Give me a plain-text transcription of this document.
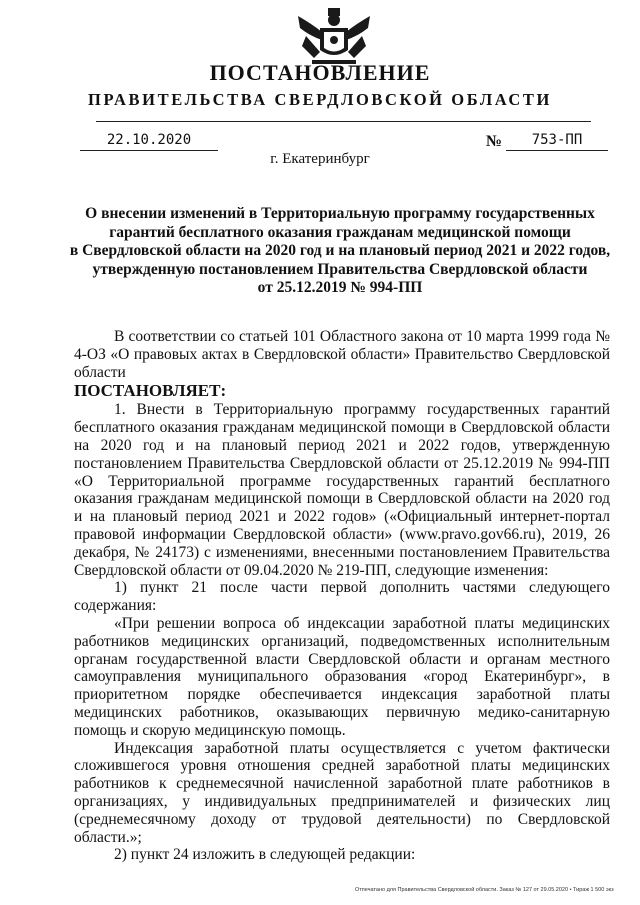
ПОСТАНОВЛЕНИЕ
ПРАВИТЕЛЬСТВА СВЕРДЛОВСКОЙ ОБЛАСТИ
22.10.2020	№	753-ПП
г. Екатеринбург
О внесении изменений в Территориальную программу государственных
гарантий бесплатного оказания гражданам медицинской помощи
в Свердловской области на 2020 год и на плановый период 2021 и 2022 годов,
утвержденную постановлением Правительства Свердловской области
от 25.12.2019 № 994-ПП

В соответствии со статьей 101 Областного закона от 10 марта 1999 года № 4-ОЗ «О правовых актах в Свердловской области» Правительство Свердловской области

ПОСТАНОВЛЯЕТ:

1. Внести в Территориальную программу государственных гарантий бесплатного оказания гражданам медицинской помощи в Свердловской области на 2020 год и на плановый период 2021 и 2022 годов, утвержденную постановлением Правительства Свердловской области от 25.12.2019 № 994-ПП «О Территориальной программе государственных гарантий бесплатного оказания гражданам медицинской помощи в Свердловской области на 2020 год и на плановый период 2021 и 2022 годов» («Официальный интернет-портал правовой информации Свердловской области» (www.pravo.gov66.ru), 2019, 26 декабря, № 24173) с изменениями, внесенными постановлением Правительства Свердловской области от 09.04.2020 № 219-ПП, следующие изменения:

1) пункт 21 после части первой дополнить частями следующего содержания:

«При решении вопроса об индексации заработной платы медицинских работников медицинских организаций, подведомственных исполнительным органам государственной власти Свердловской области и органам местного самоуправления муниципального образования «город Екатеринбург», в приоритетном порядке обеспечивается индексация заработной платы медицинских работников, оказывающих первичную медико-санитарную помощь и скорую медицинскую помощь.

Индексация заработной платы осуществляется с учетом фактически сложившегося уровня отношения средней заработной платы медицинских работников к среднемесячной начисленной заработной плате работников в организациях, у индивидуальных предпринимателей и физических лиц (среднемесячному доходу от трудовой деятельности) по Свердловской области.»;

2) пункт 24 изложить в следующей редакции:

Отпечатано для Правительства Свердловской области. Заказ № 127 от 29.05.2020 • Тираж 1 500 экз
